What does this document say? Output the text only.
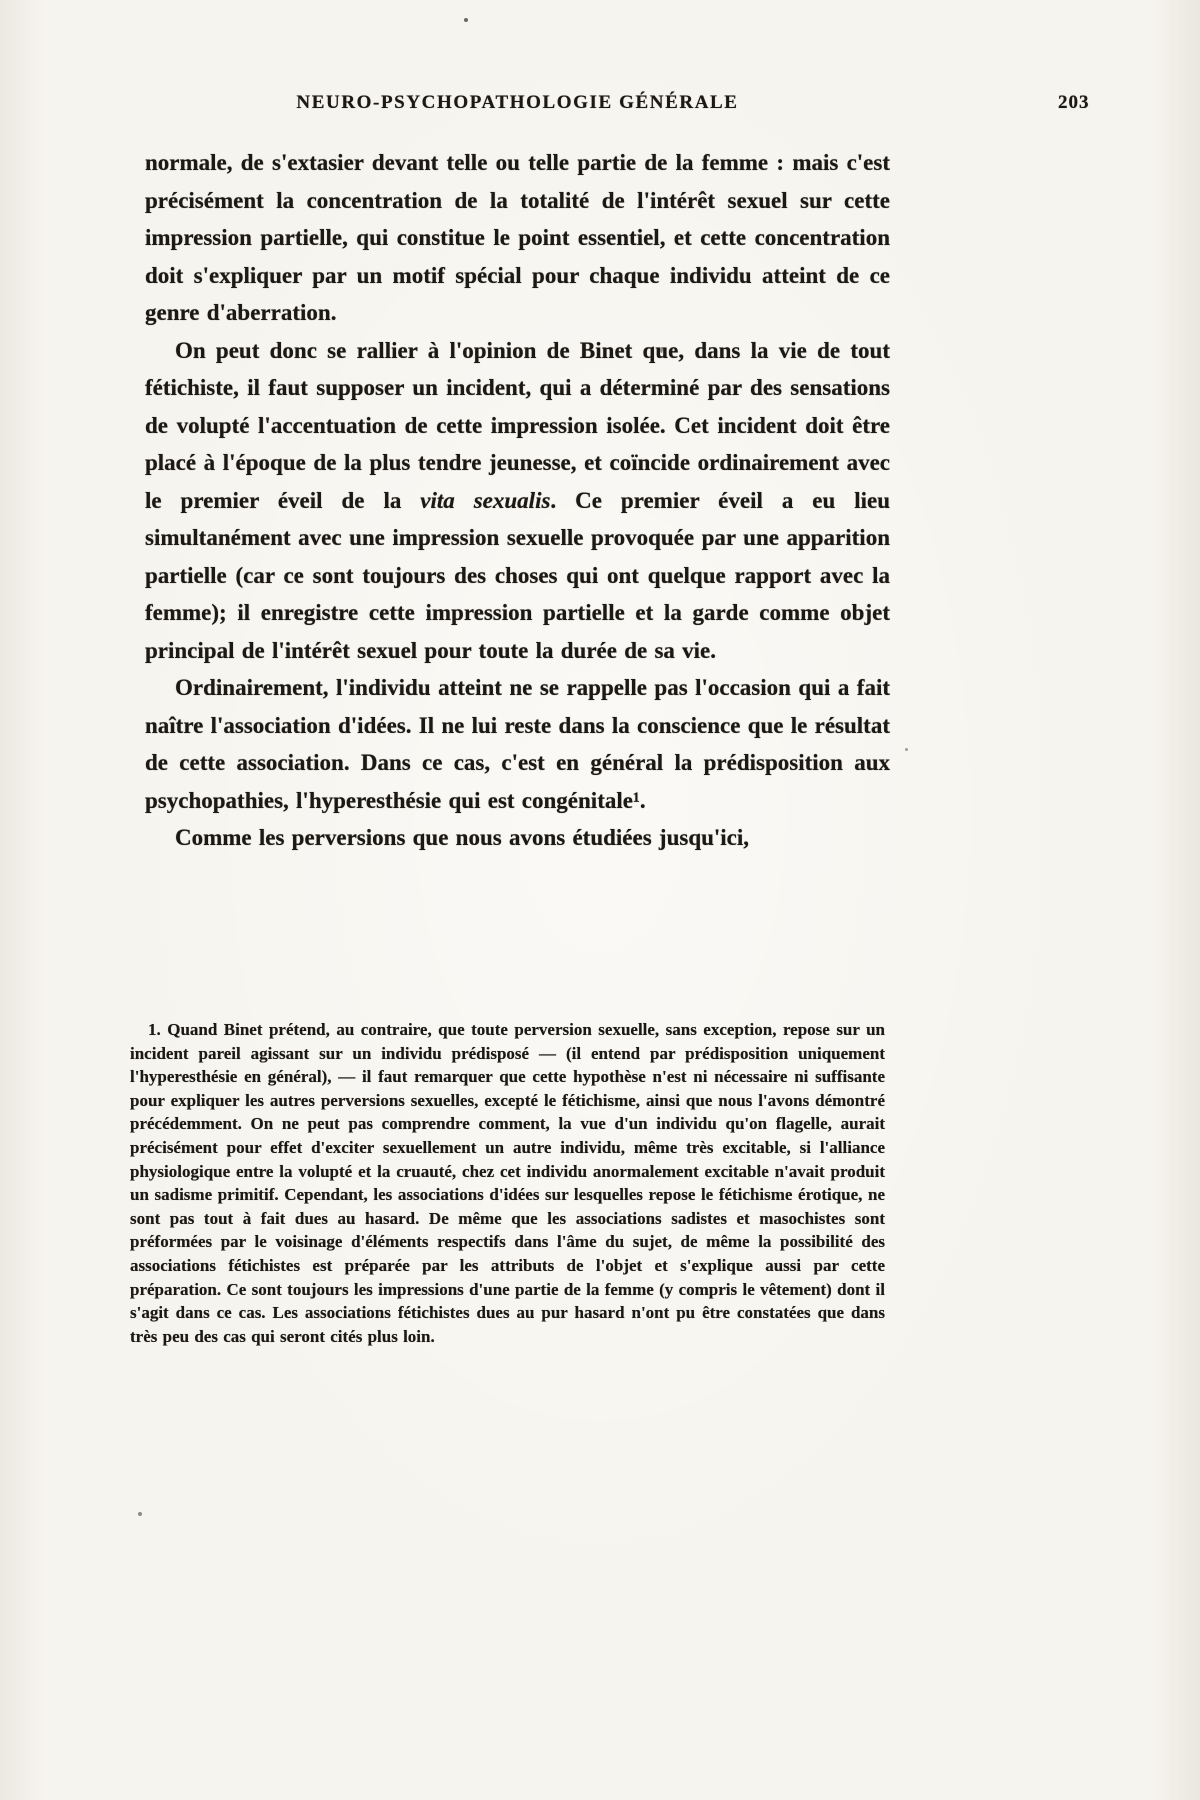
NEURO-PSYCHOPATHOLOGIE GÉNÉRALE	203

normale, de s'extasier devant telle ou telle partie de la femme : mais c'est précisément la concentration de la totalité de l'intérêt sexuel sur cette impression partielle, qui constitue le point essentiel, et cette concentration doit s'expliquer par un motif spécial pour chaque individu atteint de ce genre d'aberration.

On peut donc se rallier à l'opinion de Binet que, dans la vie de tout fétichiste, il faut supposer un incident, qui a déterminé par des sensations de volupté l'accentuation de cette impression isolée. Cet incident doit être placé à l'époque de la plus tendre jeunesse, et coïncide ordinairement avec le premier éveil de la vita sexualis. Ce premier éveil a eu lieu simultanément avec une impression sexuelle provoquée par une apparition partielle (car ce sont toujours des choses qui ont quelque rapport avec la femme); il enregistre cette impression partielle et la garde comme objet principal de l'intérêt sexuel pour toute la durée de sa vie.

Ordinairement, l'individu atteint ne se rappelle pas l'occasion qui a fait naître l'association d'idées. Il ne lui reste dans la conscience que le résultat de cette association. Dans ce cas, c'est en général la prédisposition aux psychopathies, l'hyperesthésie qui est congénitale¹.

Comme les perversions que nous avons étudiées jusqu'ici,

1. Quand Binet prétend, au contraire, que toute perversion sexuelle, sans exception, repose sur un incident pareil agissant sur un individu prédisposé — (il entend par prédisposition uniquement l'hyperesthésie en général), — il faut remarquer que cette hypothèse n'est ni nécessaire ni suffisante pour expliquer les autres perversions sexuelles, excepté le fétichisme, ainsi que nous l'avons démontré précédemment. On ne peut pas comprendre comment, la vue d'un individu qu'on flagelle, aurait précisément pour effet d'exciter sexuellement un autre individu, même très excitable, si l'alliance physiologique entre la volupté et la cruauté, chez cet individu anormalement excitable n'avait produit un sadisme primitif. Cependant, les associations d'idées sur lesquelles repose le fétichisme érotique, ne sont pas tout à fait dues au hasard. De même que les associations sadistes et masochistes sont préformées par le voisinage d'éléments respectifs dans l'âme du sujet, de même la possibilité des associations fétichistes est préparée par les attributs de l'objet et s'explique aussi par cette préparation. Ce sont toujours les impressions d'une partie de la femme (y compris le vêtement) dont il s'agit dans ce cas. Les associations fétichistes dues au pur hasard n'ont pu être constatées que dans très peu des cas qui seront cités plus loin.
